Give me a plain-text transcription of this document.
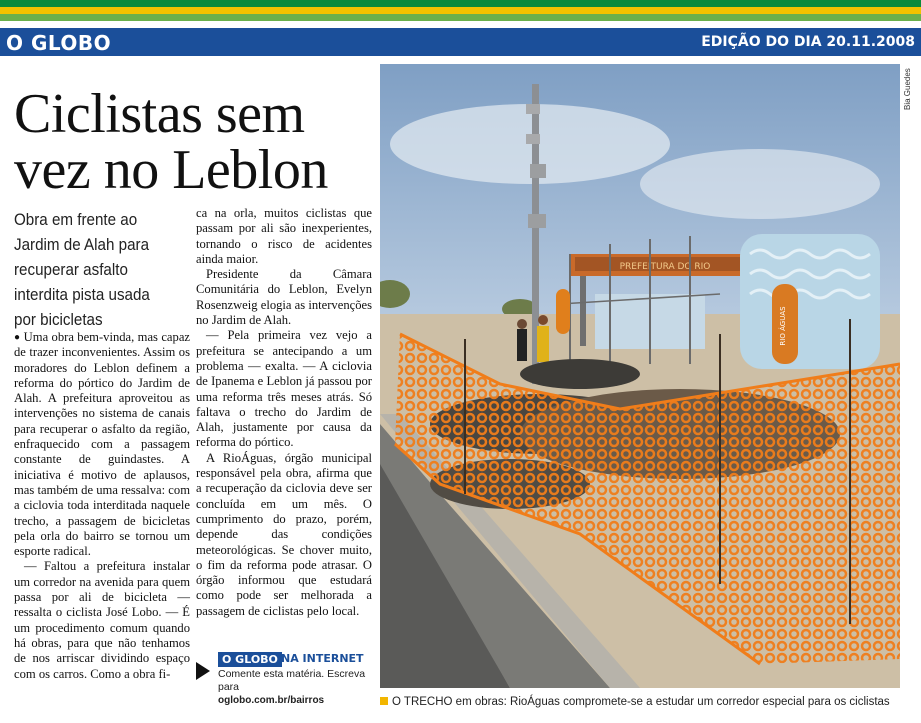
O GLOBO	EDIÇÃO DO DIA 20.11.2008
Ciclistas sem vez no Leblon
Obra em frente ao Jardim de Alah para recuperar asfalto interdita pista usada por bicicletas

● Uma obra bem-vinda, mas capaz de trazer inconvenientes. Assim os moradores do Leblon definem a reforma do pórtico do Jardim de Alah. A prefeitura aproveitou as intervenções no sistema de canais para recuperar o asfalto da região, enfraquecido com a passagem constante de guindastes. A iniciativa é motivo de aplausos, mas também de uma ressalva: com a ciclovia toda interditada naquele trecho, a passagem de bicicletas pela orla do bairro se tornou um esporte radical.

— Faltou a prefeitura instalar um corredor na avenida para quem passa por ali de bicicleta — ressalta o ciclista José Lobo. — É um procedimento comum quando há obras, para que não tenhamos de nos arriscar dividindo espaço com os carros. Como a obra fi-

ca na orla, muitos ciclistas que passam por ali são inexperientes, tornando o risco de acidentes ainda maior.

Presidente da Câmara Comunitária do Leblon, Evelyn Rosenzweig elogia as intervenções no Jardim de Alah.

— Pela primeira vez vejo a prefeitura se antecipando a um problema — exalta. — A ciclovia de Ipanema e Leblon já passou por uma reforma três meses atrás. Só faltava o trecho do Jardim de Alah, justamente por causa da reforma do pórtico.

A RioÁguas, órgão municipal responsável pela obra, afirma que a recuperação da ciclovia deve ser concluída em um mês. O cumprimento do prazo, porém, depende das condições meteorológicas. Se chover muito, o fim da reforma pode atrasar. O órgão informou que estudará como pode ser melhorada a passagem de ciclistas pelo local.

O GLOBO NA INTERNET
Comente esta matéria. Escreva para
oglobo.com.br/bairros
PREFEITURA DO RIO
RIO ÁGUAS
Bia Guedes
O TRECHO em obras: RioÁguas compromete-se a estudar um corredor especial para os ciclistas
